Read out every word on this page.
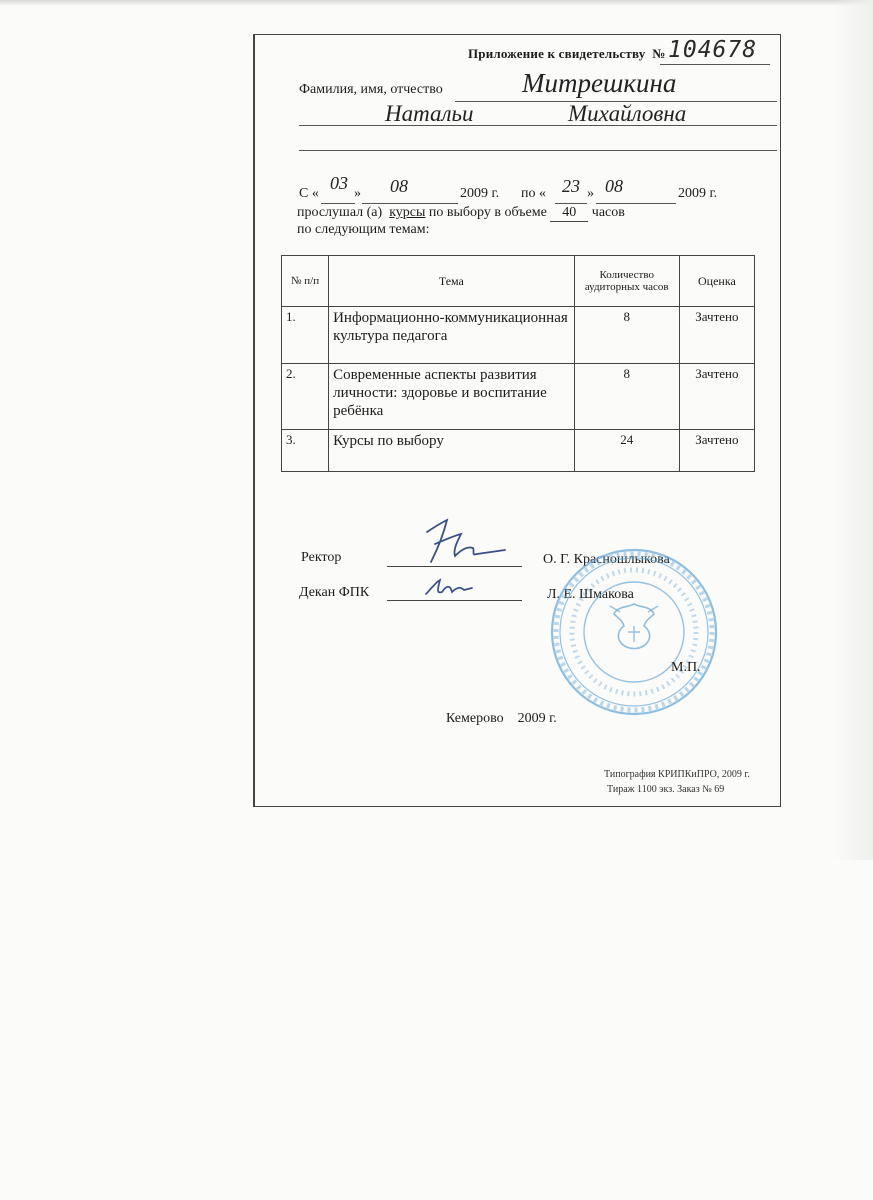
Приложение к свидетельству № 104678
Фамилия, имя, отчество	Митрешкина
Натальи	Михайловна
С «
03
» 08	2009 г. по « 23 » 08	2009 г.
прослушал (а) курсы по выбору в объеме 40 часов
по следующим темам:
№ п/п	Тема	Количество аудиторных часов	Оценка
1.	Информационно-коммуникационная культура педагога	8	Зачтено
2.	Современные аспекты развития личности: здоровье и воспитание ребёнка	8	Зачтено
3.	Курсы по выбору	24	Зачтено
Ректор	О. Г. Красношлыкова
Декан ФПК	Л. Е. Шмакова
М.П.
Кемерово    2009 г.
Типография КРИПКиПРО, 2009 г.
Тираж 1100 экз. Заказ № 69
